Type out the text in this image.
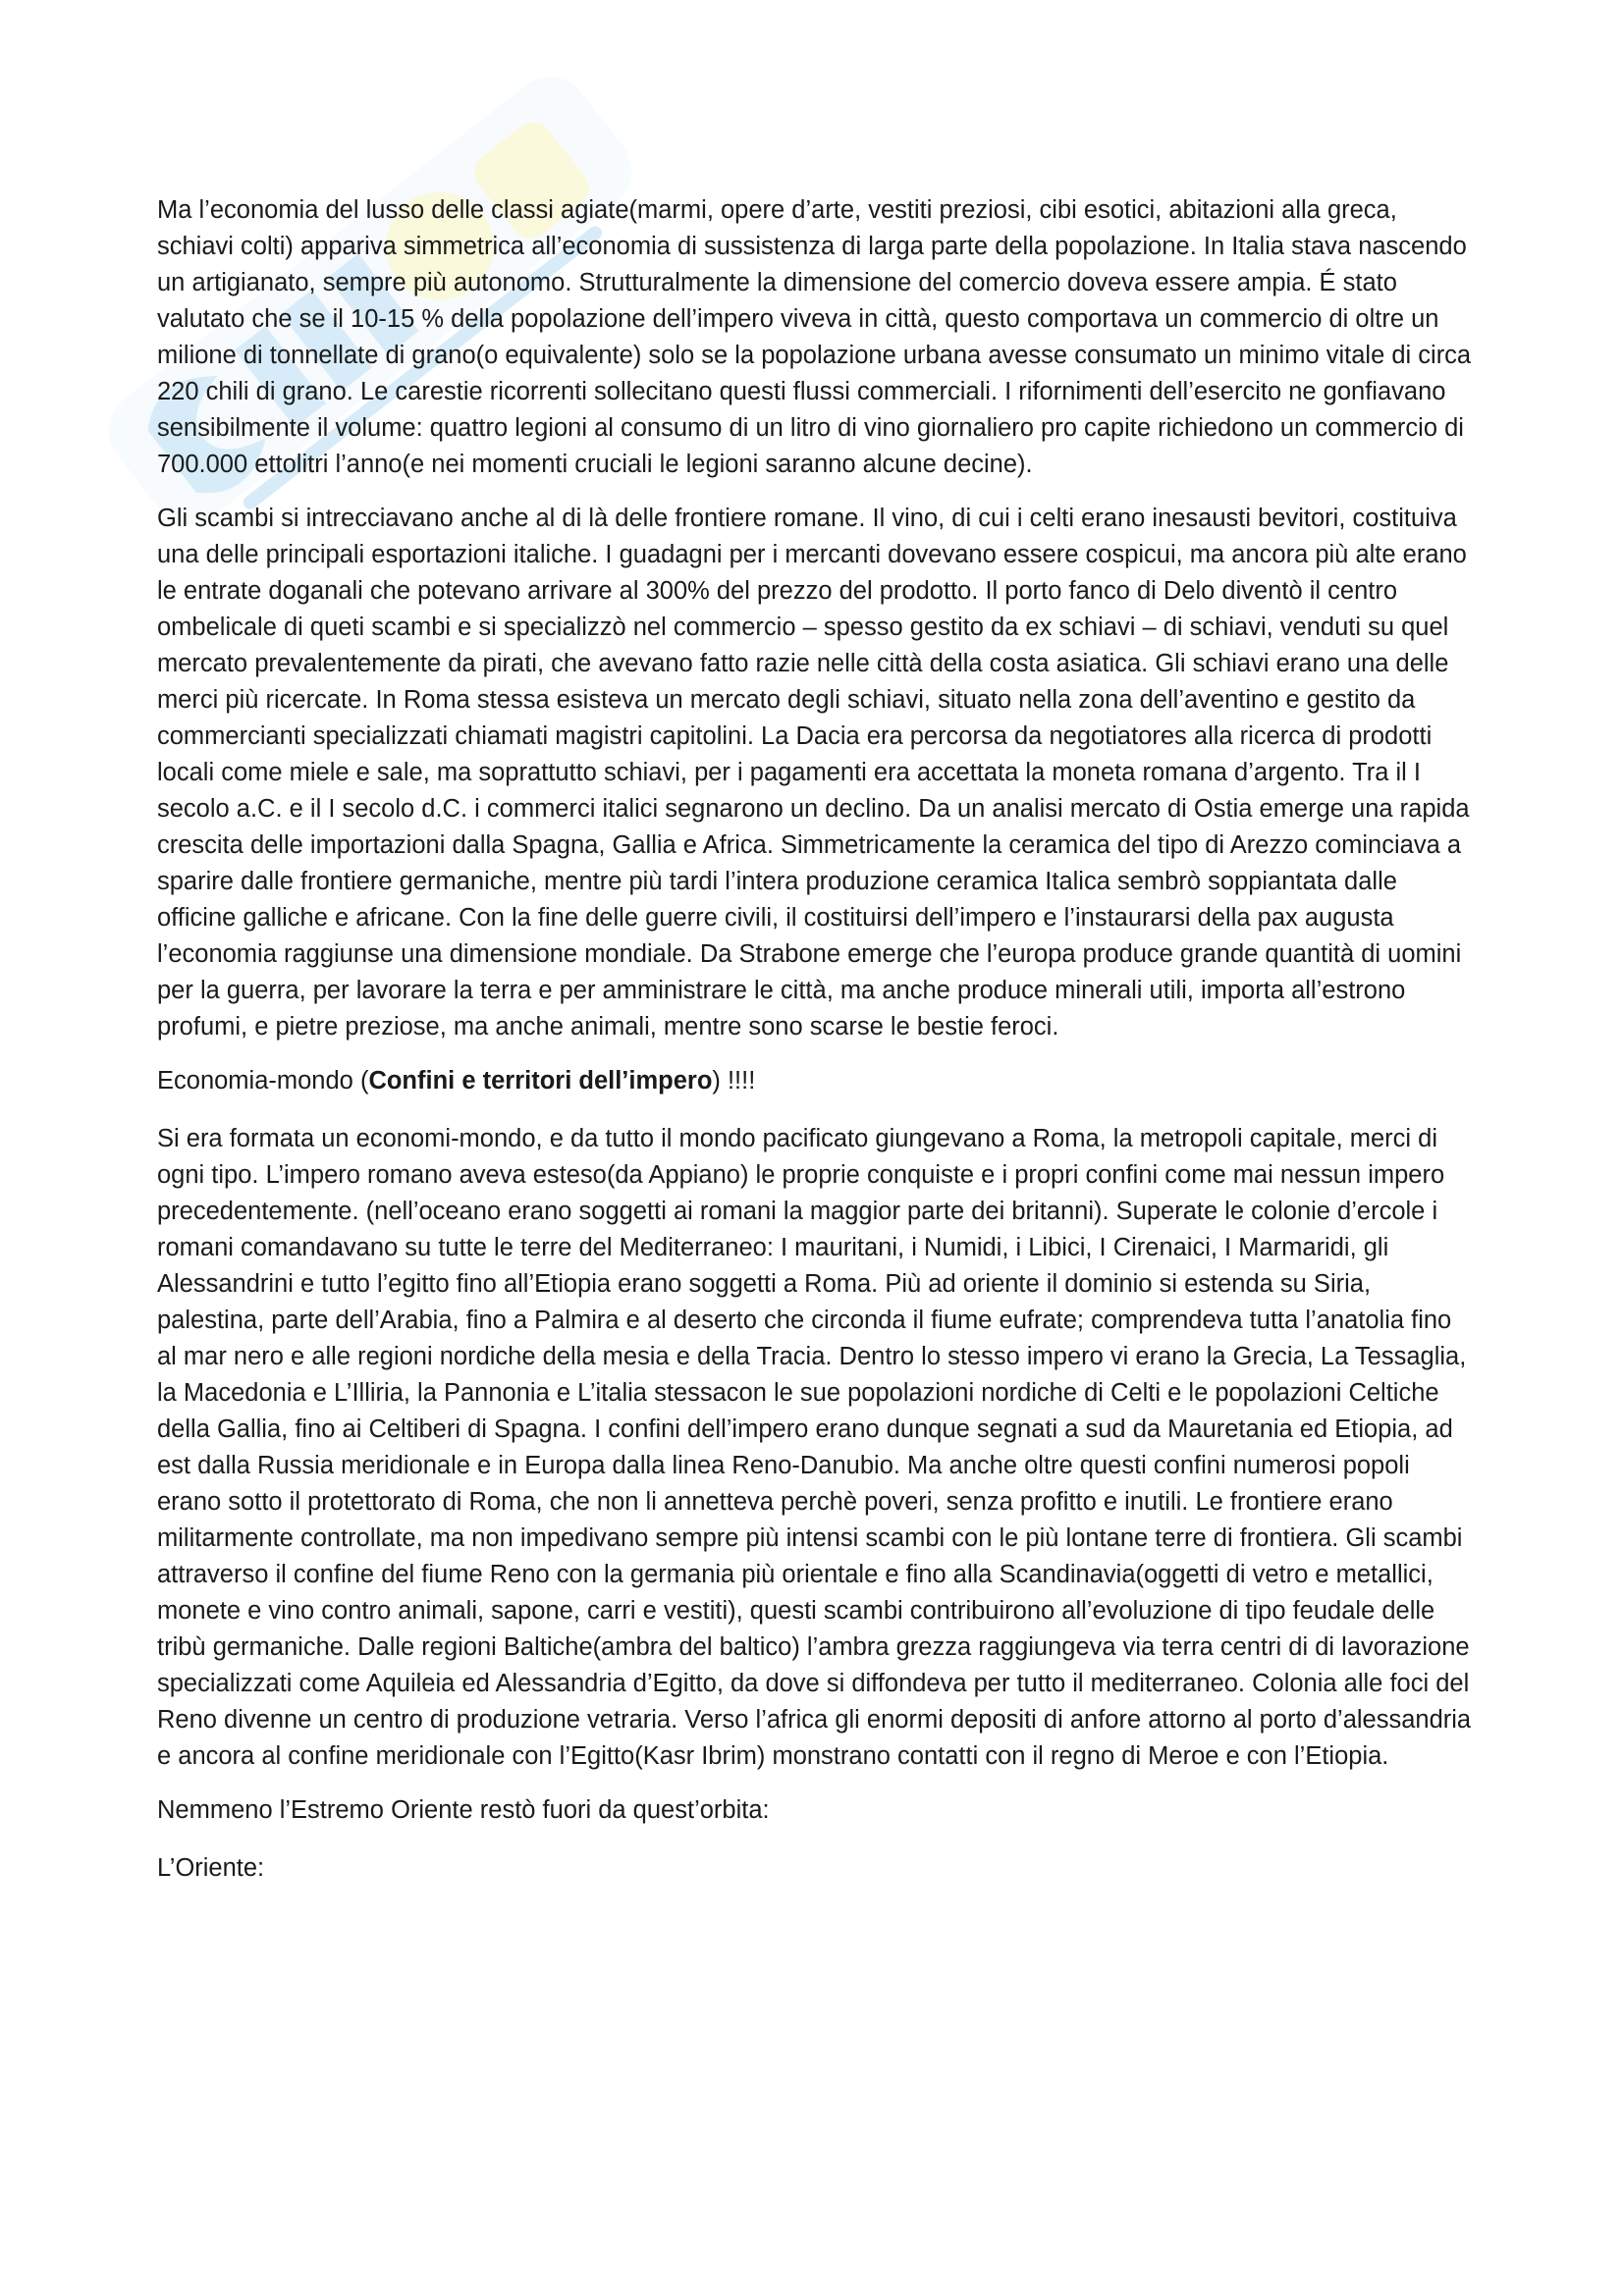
Ma l’economia del lusso delle classi agiate(marmi, opere d’arte, vestiti preziosi, cibi esotici, abitazioni alla greca, schiavi colti) appariva simmetrica all’economia di sussistenza di larga parte della popolazione. In Italia stava nascendo un artigianato, sempre più autonomo. Strutturalmente la dimensione del comercio doveva essere ampia. É stato valutato che se il 10-15 % della popolazione dell’impero viveva in città, questo comportava un commercio di oltre un milione di tonnellate di grano(o equivalente) solo se la popolazione urbana avesse consumato un minimo vitale di circa 220 chili di grano. Le carestie ricorrenti sollecitano questi flussi commerciali. I rifornimenti dell’esercito ne gonfiavano sensibilmente il volume: quattro legioni al consumo di un litro di vino giornaliero pro capite richiedono un commercio di 700.000 ettolitri l’anno(e nei momenti cruciali le legioni saranno alcune decine).

Gli scambi si intrecciavano anche al di là delle frontiere romane. Il vino, di cui i celti erano inesausti bevitori, costituiva una delle principali esportazioni italiche. I guadagni per i mercanti dovevano essere cospicui, ma ancora più alte erano le entrate doganali che potevano arrivare al 300% del prezzo del prodotto. Il porto fanco di Delo diventò il centro ombelicale di queti scambi e si specializzò nel commercio – spesso gestito da ex schiavi – di schiavi, venduti su quel mercato prevalentemente da pirati, che avevano fatto razie nelle città della costa asiatica. Gli schiavi erano una delle merci più ricercate. In Roma stessa esisteva un mercato degli schiavi, situato nella zona dell’aventino e gestito da commercianti specializzati chiamati magistri capitolini. La Dacia era percorsa da negotiatores alla ricerca di prodotti locali come miele e sale, ma soprattutto schiavi, per i pagamenti era accettata la moneta romana d’argento. Tra il I secolo a.C. e il I secolo d.C. i commerci italici segnarono un declino. Da un analisi mercato di Ostia emerge una rapida crescita delle importazioni dalla Spagna, Gallia e Africa. Simmetricamente la ceramica del tipo di Arezzo cominciava a sparire dalle frontiere germaniche, mentre più tardi l’intera produzione ceramica Italica sembrò soppiantata dalle officine galliche e africane. Con la fine delle guerre civili, il costituirsi dell’impero e l’instaurarsi della pax augusta l’economia raggiunse una dimensione mondiale. Da Strabone emerge che l’europa produce grande quantità di uomini per la guerra, per lavorare la terra e per amministrare le città, ma anche produce minerali utili, importa all’estrono profumi, e pietre preziose, ma anche animali, mentre sono scarse le bestie feroci.

Economia-mondo (Confini e territori dell’impero) !!!!

Si era formata un economi-mondo, e da tutto il mondo pacificato giungevano a Roma, la metropoli capitale, merci di ogni tipo. L’impero romano aveva esteso(da Appiano) le proprie conquiste e i propri confini come mai nessun impero precedentemente. (nell’oceano erano soggetti ai romani la maggior parte dei britanni). Superate le colonie d’ercole i romani comandavano su tutte le terre del Mediterraneo: I mauritani, i Numidi, i Libici, I Cirenaici, I Marmaridi, gli Alessandrini e tutto l’egitto fino all’Etiopia erano soggetti a Roma. Più ad oriente il dominio si estenda su Siria, palestina, parte dell’Arabia, fino a Palmira e al deserto che circonda il fiume eufrate; comprendeva tutta l’anatolia fino al mar nero e alle regioni nordiche della mesia e della Tracia. Dentro lo stesso impero vi erano la Grecia, La Tessaglia, la Macedonia e L’Illiria, la Pannonia e L’italia stessacon le sue popolazioni nordiche di Celti e le popolazioni Celtiche della Gallia, fino ai Celtiberi di Spagna. I confini dell’impero erano dunque segnati a sud da Mauretania ed Etiopia, ad est dalla Russia meridionale e in Europa dalla linea Reno-Danubio. Ma anche oltre questi confini numerosi popoli erano sotto il protettorato di Roma, che non li annetteva perchè poveri, senza profitto e inutili. Le frontiere erano militarmente controllate, ma non impedivano sempre più intensi scambi con le più lontane terre di frontiera. Gli scambi attraverso il confine del fiume Reno con la germania più orientale e fino alla Scandinavia(oggetti di vetro e metallici, monete e vino contro animali, sapone, carri e vestiti), questi scambi contribuirono all’evoluzione di tipo feudale delle tribù germaniche. Dalle regioni Baltiche(ambra del baltico) l’ambra grezza raggiungeva via terra centri di di lavorazione specializzati come Aquileia ed Alessandria d’Egitto, da dove si diffondeva per tutto il mediterraneo. Colonia alle foci del Reno divenne un centro di produzione vetraria. Verso l’africa gli enormi depositi di anfore attorno al porto d’alessandria e ancora al confine meridionale con l’Egitto(Kasr Ibrim) monstrano contatti con il regno di Meroe e con l’Etiopia.

Nemmeno l’Estremo Oriente restò fuori da quest’orbita:

L’Oriente:
